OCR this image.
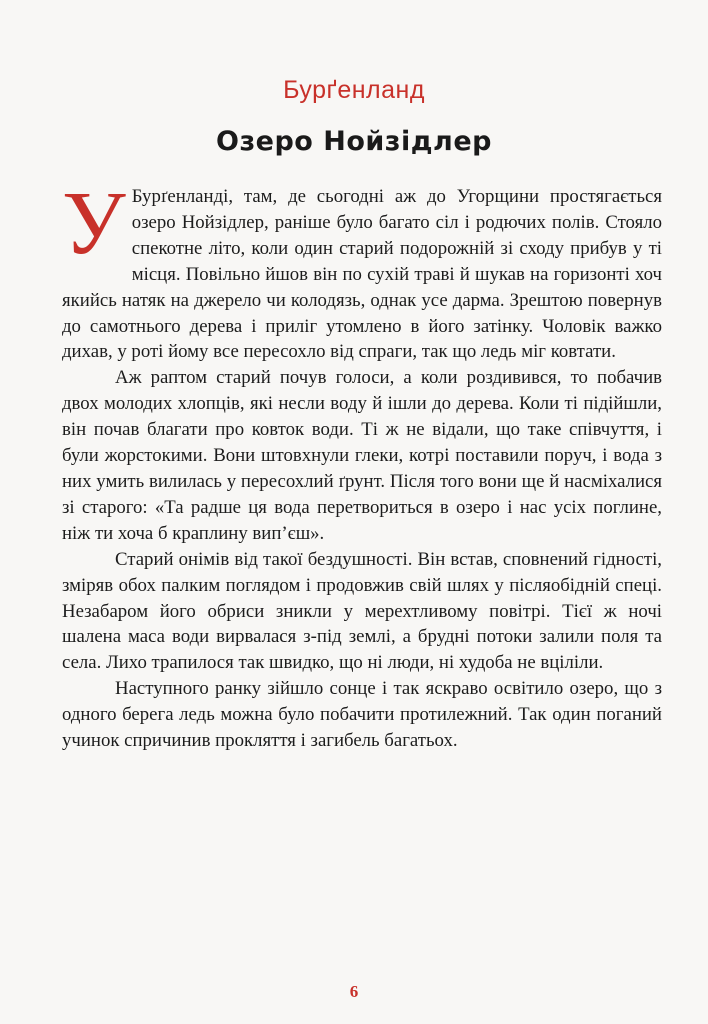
Бурґенланд
Озеро Нойзідлер

У Бурґенланді, там, де сьогодні аж до Угорщини простягається озеро Нойзідлер, раніше було багато сіл і родючих полів. Стояло спекотне літо, коли один старий подорожній зі сходу прибув у ті місця. Повільно йшов він по сухій траві й шукав на горизонті хоч якийсь натяк на джерело чи колодязь, однак усе дарма. Зрештою повернув до самотнього дерева і приліг утомлено в його затінку. Чоловік важко дихав, у роті йому все пересохло від спраги, так що ледь міг ковтати.

Аж раптом старий почув голоси, а коли роздивився, то побачив двох молодих хлопців, які несли воду й ішли до дерева. Коли ті підійшли, він почав благати про ковток води. Ті ж не відали, що таке співчуття, і були жорстокими. Вони штовхнули глеки, котрі поставили поруч, і вода з них умить вилилась у пересохлий ґрунт. Після того вони ще й насміхалися зі старого: «Та радше ця вода перетвориться в озеро і нас усіх поглине, ніж ти хоча б краплину вип’єш».

Старий онімів від такої бездушності. Він встав, сповнений гідності, зміряв обох палким поглядом і продовжив свій шлях у післяобідній спеці. Незабаром його обриси зникли у мерехтливому повітрі. Тієї ж ночі шалена маса води вирвалася з-під землі, а брудні потоки залили поля та села. Лихо трапилося так швидко, що ні люди, ні худоба не вціліли.

Наступного ранку зійшло сонце і так яскраво освітило озеро, що з одного берега ледь можна було побачити протилежний. Так один поганий учинок спричинив прокляття і загибель багатьох.

6
